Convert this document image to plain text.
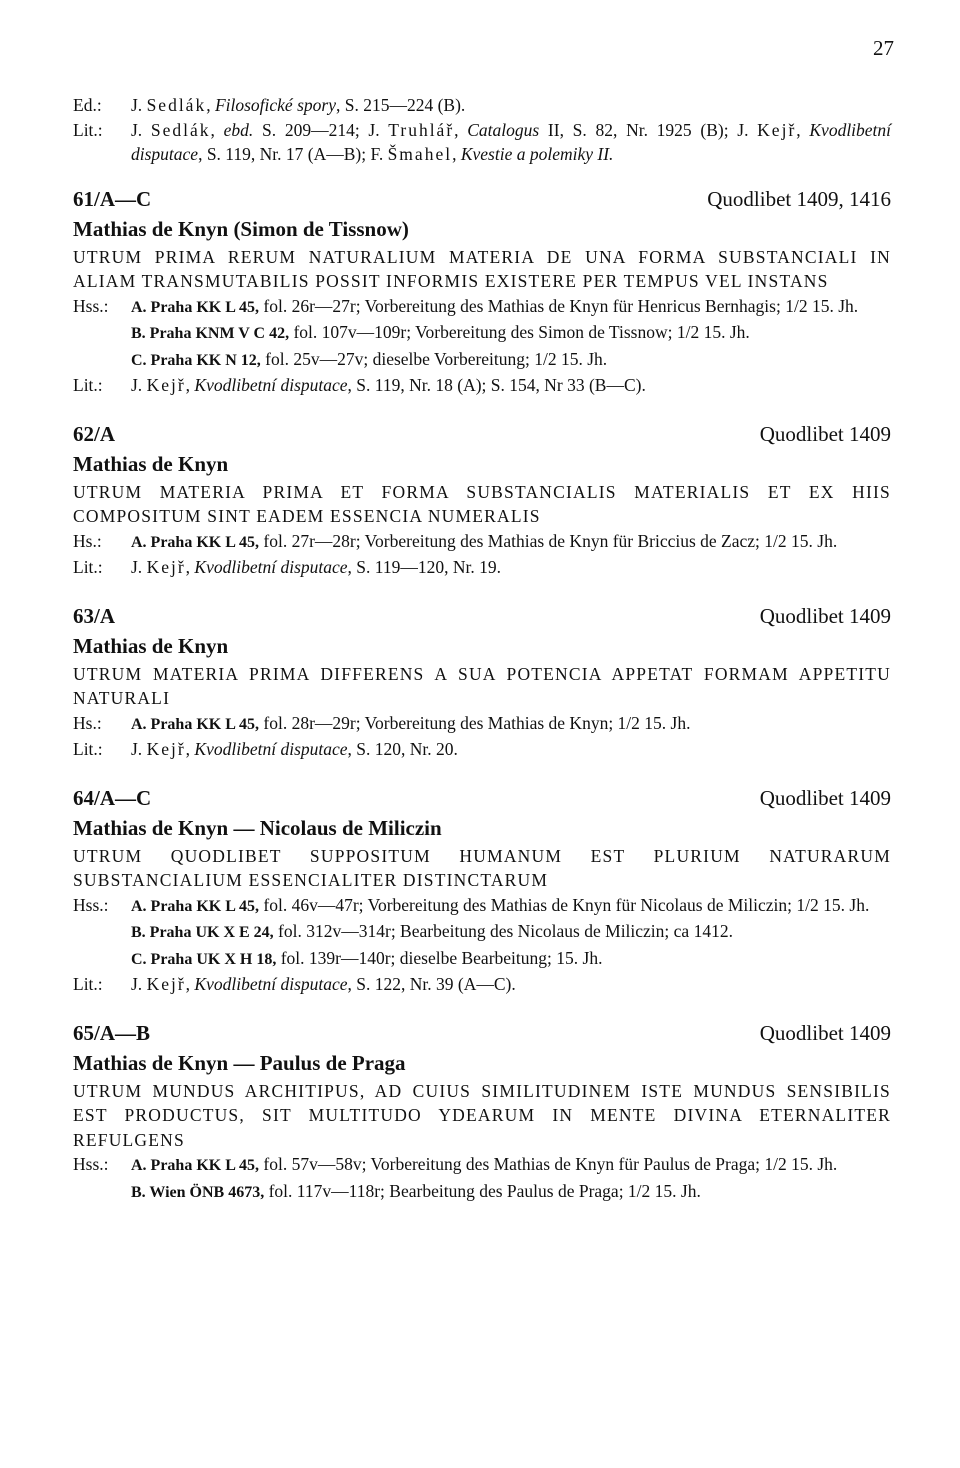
27
Ed.:	J. Sedlák, Filosofické spory, S. 215—224 (B).
Lit.:	J. Sedlák, ebd. S. 209—214; J. Truhlář, Catalogus II, S. 82, Nr. 1925 (B); J. Kejř, Kvodlibetní disputace, S. 119, Nr. 17 (A—B); F. Šmahel, Kvestie a polemiky II.
61/A—C	Quodlibet 1409, 1416
Mathias de Knyn (Simon de Tissnow)

UTRUM PRIMA RERUM NATURALIUM MATERIA DE UNA FORMA SUBSTANCIALI IN ALIAM TRANSMUTABILIS POSSIT INFORMIS EXISTERE PER TEMPUS VEL INSTANS

Hss.:	A. Praha KK L 45, fol. 26r—27r; Vorbereitung des Mathias de Knyn für Henricus Bernhagis; 1/2 15. Jh.
B. Praha KNM V C 42, fol. 107v—109r; Vorbereitung des Simon de Tissnow; 1/2 15. Jh.
C. Praha KK N 12, fol. 25v—27v; dieselbe Vorbereitung; 1/2 15. Jh.
Lit.:	J. Kejř, Kvodlibetní disputace, S. 119, Nr. 18 (A); S. 154, Nr 33 (B—C).
62/A	Quodlibet 1409
Mathias de Knyn

UTRUM MATERIA PRIMA ET FORMA SUBSTANCIALIS MATERIALIS ET EX HIIS COMPOSITUM SINT EADEM ESSENCIA NUMERALIS

Hs.:	A. Praha KK L 45, fol. 27r—28r; Vorbereitung des Mathias de Knyn für Briccius de Zacz; 1/2 15. Jh.
Lit.:	J. Kejř, Kvodlibetní disputace, S. 119—120, Nr. 19.
63/A	Quodlibet 1409
Mathias de Knyn

UTRUM MATERIA PRIMA DIFFERENS A SUA POTENCIA APPETAT FORMAM APPETITU NATURALI

Hs.:	A. Praha KK L 45, fol. 28r—29r; Vorbereitung des Mathias de Knyn; 1/2 15. Jh.
Lit.:	J. Kejř, Kvodlibetní disputace, S. 120, Nr. 20.
64/A—C	Quodlibet 1409
Mathias de Knyn — Nicolaus de Miliczin

UTRUM QUODLIBET SUPPOSITUM HUMANUM EST PLURIUM NATURARUM SUBSTANCIALIUM ESSENCIALITER DISTINCTARUM

Hss.:	A. Praha KK L 45, fol. 46v—47r; Vorbereitung des Mathias de Knyn für Nicolaus de Miliczin; 1/2 15. Jh.
B. Praha UK X E 24, fol. 312v—314r; Bearbeitung des Nicolaus de Miliczin; ca 1412.
C. Praha UK X H 18, fol. 139r—140r; dieselbe Bearbeitung; 15. Jh.
Lit.:	J. Kejř, Kvodlibetní disputace, S. 122, Nr. 39 (A—C).
65/A—B	Quodlibet 1409
Mathias de Knyn — Paulus de Praga

UTRUM MUNDUS ARCHITIPUS, AD CUIUS SIMILITUDINEM ISTE MUNDUS SENSIBILIS EST PRODUCTUS, SIT MULTITUDO YDEARUM IN MENTE DIVINA ETERNALITER REFULGENS

Hss.:	A. Praha KK L 45, fol. 57v—58v; Vorbereitung des Mathias de Knyn für Paulus de Praga; 1/2 15. Jh.
B. Wien ÖNB 4673, fol. 117v—118r; Bearbeitung des Paulus de Praga; 1/2 15. Jh.
